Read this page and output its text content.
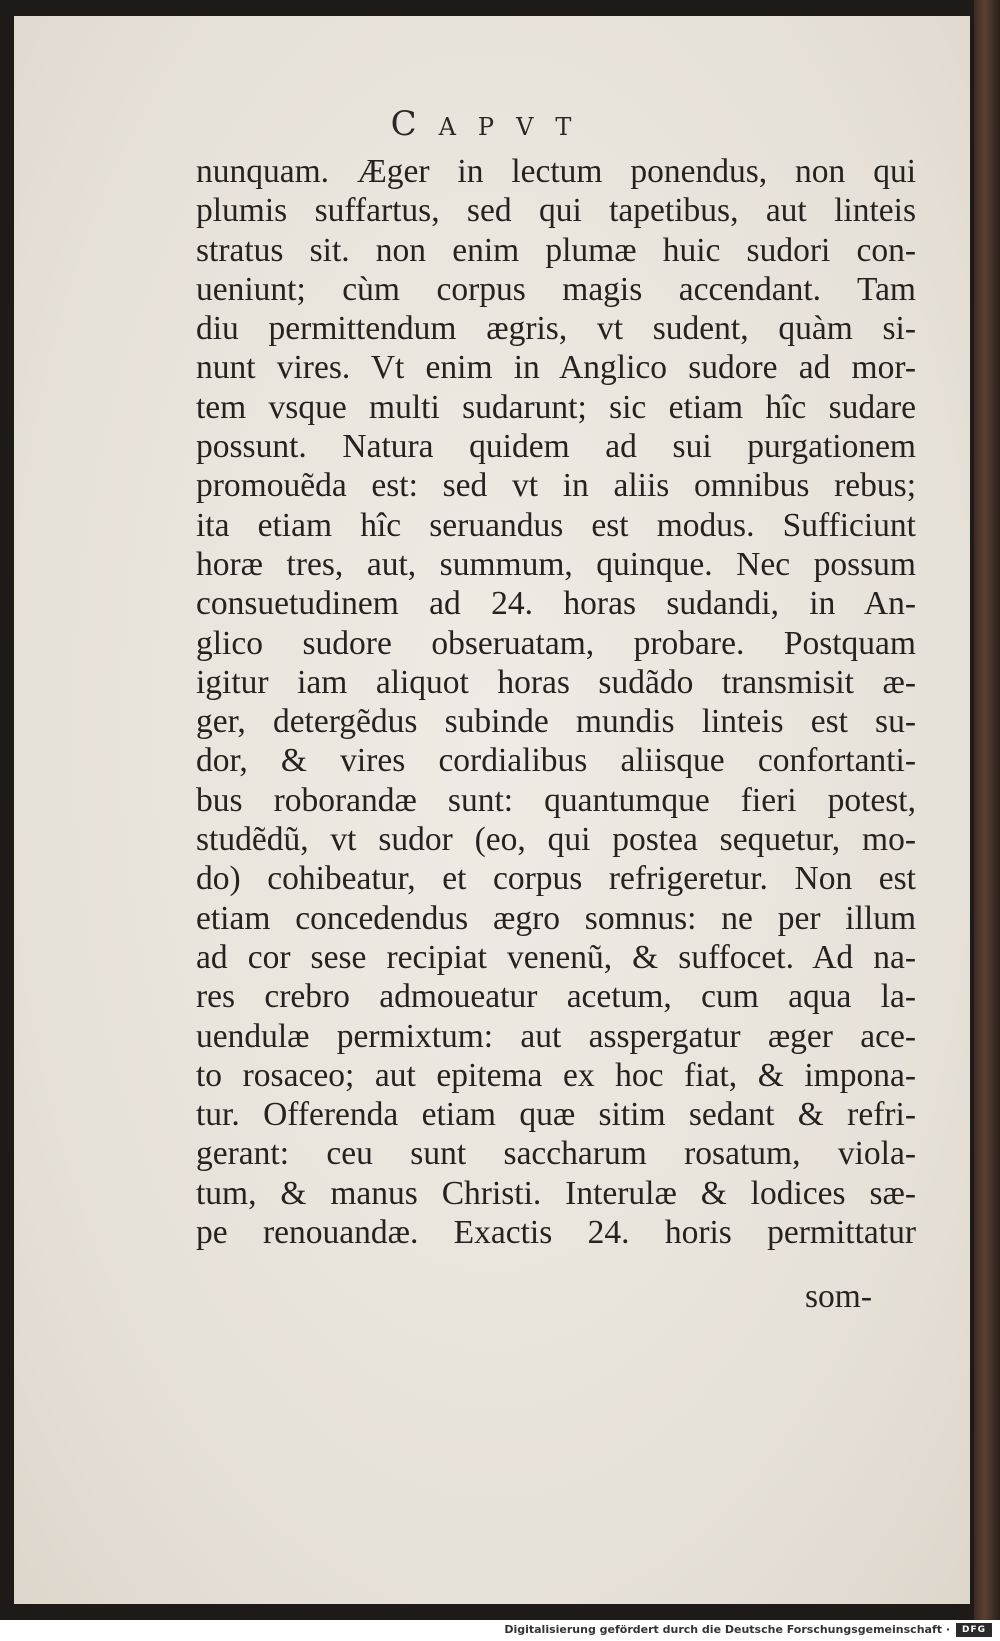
Capvt
nunquam. Æger in lectum ponendus, non qui
plumis suffartus, sed qui tapetibus, aut linteis
stratus sit. non enim plumæ huic sudori con-
ueniunt; cùm corpus magis accendant. Tam
diu permittendum ægris, vt sudent, quàm si-
nunt vires. Vt enim in Anglico sudore ad mor-
tem vsque multi sudarunt; sic etiam hîc sudare
possunt. Natura quidem ad sui purgationem
promouẽda est: sed vt in aliis omnibus rebus;
ita etiam hîc seruandus est modus. Sufficiunt
horæ tres, aut, summum, quinque. Nec possum
consuetudinem ad 24. horas sudandi, in An-
glico sudore obseruatam, probare. Postquam
igitur iam aliquot horas sudãdo transmisit æ-
ger, detergẽdus subinde mundis linteis est su-
dor, & vires cordialibus aliisque confortanti-
bus roborandæ sunt: quantumque fieri potest,
studẽdũ, vt sudor (eo, qui postea sequetur, mo-
do) cohibeatur, et corpus refrigeretur. Non est
etiam concedendus ægro somnus: ne per illum
ad cor sese recipiat venenũ, & suffocet. Ad na-
res crebro admoueatur acetum, cum aqua la-
uendulæ permixtum: aut asspergatur æger ace-
to rosaceo; aut epitema ex hoc fiat, & impona-
tur. Offerenda etiam quæ sitim sedant & refri-
gerant: ceu sunt saccharum rosatum, viola-
tum, & manus Christi. Interulæ & lodices sæ-
pe renouandæ. Exactis 24. horis permittatur
som-
Digitalisierung gefördert durch die Deutsche Forschungsgemeinschaft ·	DFG
